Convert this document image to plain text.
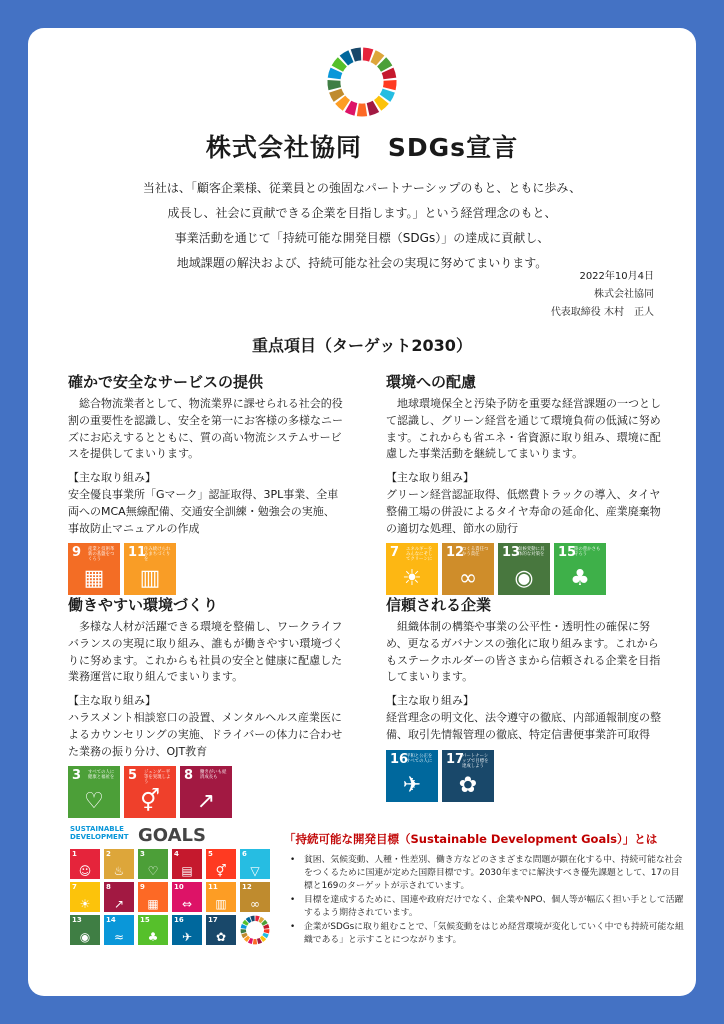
株式会社協同　SDGs宣言
当社は、「顧客企業様、従業員との強固なパートナーシップのもと、ともに歩み、
成長し、社会に貢献できる企業を目指します。」という経営理念のもと、
事業活動を通じて「持続可能な開発目標（SDGs）」の達成に貢献し、
地域課題の解決および、持続可能な社会の実現に努めてまいります。
2022年10月4日
株式会社協同
代表取締役 木村　正人
重点項目（ターゲット2030）
確かで安全なサービスの提供

総合物流業者として、物流業界に課せられる社会的役割の重要性を認識し、安全を第一にお客様の多様なニーズにお応えするとともに、質の高い物流システムサービスを提供してまいります。

【主な取り組み】
安全優良事業所「Gマーク」認証取得、3PL事業、全車両へのMCA無線配備、交通安全訓練・勉強会の実施、事故防止マニュアルの作成
9 産業と技術革新の基盤をつくろう
▦
11
住み続けられるまちづくりを
▥
環境への配慮

地球環境保全と汚染予防を重要な経営課題の一つとして認識し、グリーン経営を通じて環境負荷の低減に努めます。これからも省エネ・省資源に取り組み、環境に配慮した事業活動を継続してまいります。

【主な取り組み】
グリーン経営認証取得、低燃費トラックの導入、タイヤ整備工場の併設によるタイヤ寿命の延命化、産業廃棄物の適切な処理、節水の励行
7 エネルギーをみんなにそしてクリーンに
☀
12
つくる責任つかう責任
∞
13
気候変動に具体的な対策を
◉
15
陸の豊かさも守ろう
♣
働きやすい環境づくり

多様な人材が活躍できる環境を整備し、ワークライフバランスの実現に取り組み、誰もが働きやすい環境づくりに努めます。これからも社員の安全と健康に配慮した業務運営に取り組んでまいります。

【主な取り組み】
ハラスメント相談窓口の設置、メンタルヘルス産業医によるカウンセリングの実施、ドライバーの体力に合わせた業務の振り分け、OJT教育
3 すべての人に健康と福祉を
♡
5 ジェンダー平等を実現しよう
⚥
8 働きがいも経済成長も
↗
信頼される企業

組織体制の構築や事業の公平性・透明性の確保に努め、更なるガバナンスの強化に取り組みます。これからもステークホルダーの皆さまから信頼される企業を目指してまいります。

【主な取り組み】
経営理念の明文化、法令遵守の徹底、内部通報制度の整備、取引先情報管理の徹底、特定信書便事業許可取得
16
平和と公正をすべての人に
✈
17
パートナーシップで目標を達成しよう
✿
SUSTAINABLE
DEVELOPMENT GOALS
1
☺
2
♨
3
♡
4
▤
5
⚥
6
▽
7
☀
8
↗
9
▦
10
⇔
11
▥
12
∞
13
◉
14
≈
15
♣
16
✈
17
✿
「持続可能な開発目標（Sustainable Development Goals）」とは
• 貧困、気候変動、人種・性差別、働き方などのさまざまな問題が顕在化する中、持続可能な社会をつくるために国連が定めた国際目標です。2030年までに解決すべき優先課題として、17の目標と169のターゲットが示されています。
• 目標を達成するために、国連や政府だけでなく、企業やNPO、個人等が幅広く担い手として活躍するよう期待されています。
• 企業がSDGsに取り組むことで、「気候変動をはじめ経営環境が変化していく中でも持続可能な組織である」と示すことにつながります。
